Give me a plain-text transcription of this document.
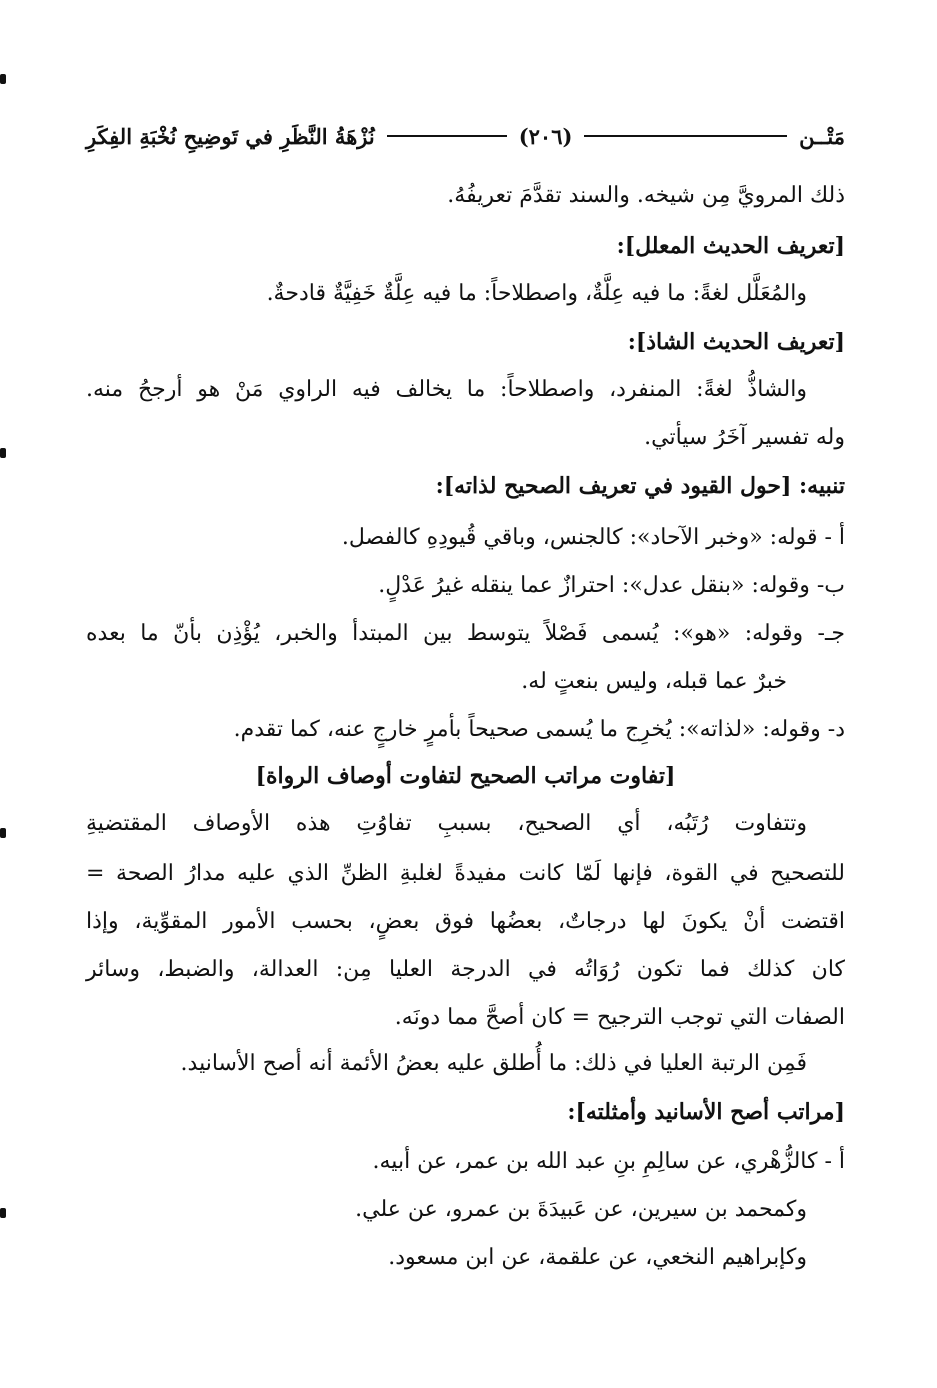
مَتْــن
(٢٠٦)
نُزْهَةُ النَّظَرِ في تَوضِيحِ نُخْبَةِ الفِكَرِ
ذلك المرويَّ مِن شيخه. والسند تقدَّمَ تعريفُهُ.
[تعريف الحديث المعلل]:
والمُعَلَّل لغةً: ما فيه عِلَّةٌ، واصطلاحاً: ما فيه عِلَّةٌ خَفِيَّةٌ قادحةٌ.
[تعريف الحديث الشاذ]:
والشاذُّ لغةً: المنفرد، واصطلاحاً: ما يخالف فيه الراوي مَنْ هو أرجحُ منه.
وله تفسير آخَرُ سيأتي.
تنبيه: [حول القيود في تعريف الصحيح لذاته]:
أ - قوله: «وخبر الآحاد»: كالجنس، وباقي قُيودِهِ كالفصل.
ب- وقوله: «بنقل عدل»: احترازٌ عما ينقله غيرُ عَدْلٍ.
جـ- وقوله: «هو»: يُسمى فَصْلاً يتوسط بين المبتدأ والخبر، يُؤْذِن بأنّ ما بعده
خبرٌ عما قبله، وليس بنعتٍ له.
د- وقوله: «لذاته»: يُخرِج ما يُسمى صحيحاً بأمرٍ خارجٍ عنه، كما تقدم.
[تفاوت مراتب الصحيح لتفاوت أوصاف الرواة]
وتتفاوت رُتَبُه، أي الصحيح، بسببِ تفاوُتِ هذه الأوصاف المقتضيةِ
للتصحيح في القوة، فإنها لَمّا كانت مفيدةً لغلبةِ الظنِّ الذي عليه مدارُ الصحة =
اقتضت أنْ يكونَ لها درجاتٌ، بعضُها فوق بعضٍ، بحسب الأمور المقوِّية، وإذا
كان كذلك فما تكون رُوَاتُه في الدرجة العليا مِن: العدالة، والضبط، وسائر
الصفات التي توجب الترجيح = كان أصحَّ مما دونَه.
فَمِن الرتبة العليا في ذلك: ما أُطلق عليه بعضُ الأئمة أنه أصح الأسانيد.
[مراتب أصح الأسانيد وأمثلته]:
أ - كالزُّهْري، عن سالِمِ بنِ عبد الله بن عمر، عن أبيه.
وكمحمد بن سيرين، عن عَبيدَةَ بن عمرو، عن علي.
وكإبراهيم النخعي، عن علقمة، عن ابن مسعود.
